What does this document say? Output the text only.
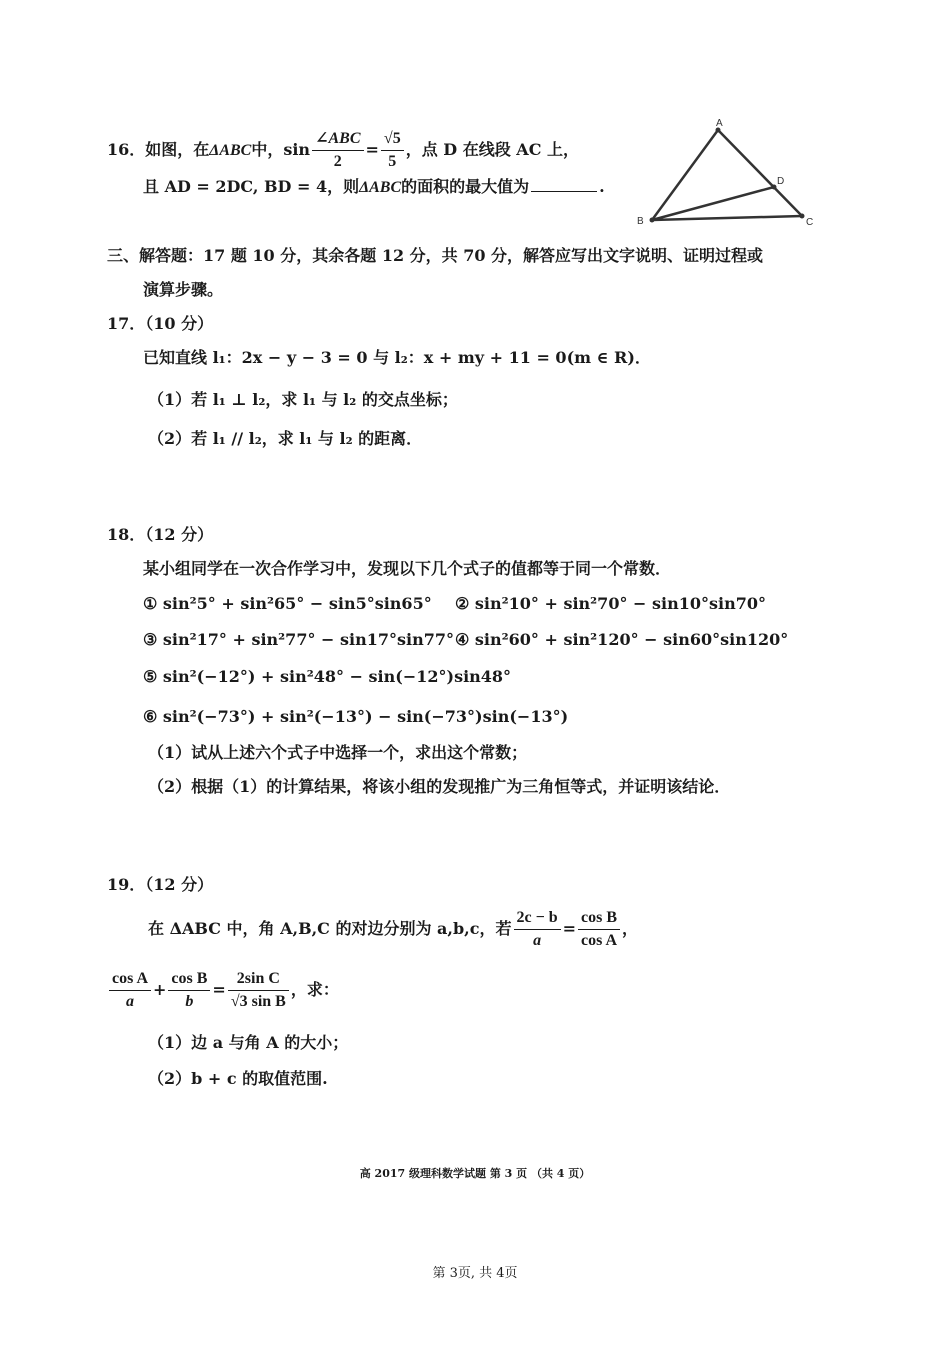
16．如图，在ΔABC中，$\sin \frac{\text{∠ABC}}{2} = \frac{√5}{5}$ ，点 D 在线段 AC 上，
且 AD = 2DC, BD = 4，则ΔABC的面积的最大值为	.
A
B	C
D
三、解答题：17 题 10 分，其余各题 12 分，共 70 分，解答应写出文字说明、证明过程或
演算步骤。
17．（10 分）
已知直线 l₁：2x − y − 3 = 0 与 l₂：x + my + 11 = 0(m ∈ R)．
（1）若 l₁ ⊥ l₂，求 l₁ 与 l₂ 的交点坐标；
（2）若 l₁ // l₂，求 l₁ 与 l₂ 的距离．
18．（12 分）
某小组同学在一次合作学习中，发现以下几个式子的值都等于同一个常数．
① sin²5° + sin²65° − sin5°sin65° ② sin²10° + sin²70° − sin10°sin70°
③ sin²17° + sin²77° − sin17°sin77° ④ sin²60° + sin²120° − sin60°sin120°
⑤ sin²(−12°) + sin²48° − sin(−12°)sin48°
⑥ sin²(−73°) + sin²(−13°) − sin(−73°)sin(−13°)
（1）试从上述六个式子中选择一个，求出这个常数；
（2）根据（1）的计算结果，将该小组的发现推广为三角恒等式，并证明该结论．
19．（12 分）
在 ΔABC 中，角 A,B,C 的对边分别为 a,b,c，若 $\frac{2c - b}{a} = \frac{\text{cos B}}{\text{cos A}}$ ，
$\frac{\text{cos A}}{a} + \frac{\text{cos B}}{b} = \frac{\text{2sin C}}{\text{√3 sin B}}$ ，求：
（1）边 a 与角 A 的大小；
（2）b + c 的取值范围.
高 2017 级理科数学试题 第 3 页 （共 4 页）
第 3页, 共 4页
